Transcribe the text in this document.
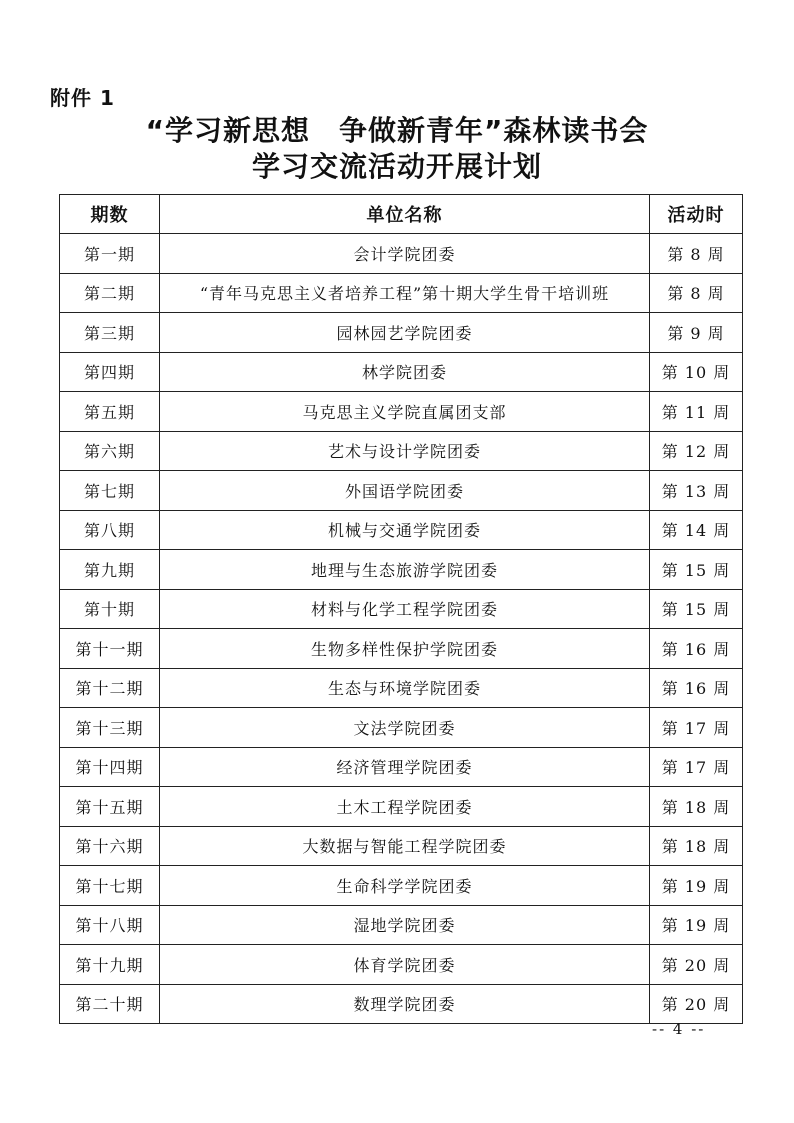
附件 1
“学习新思想　争做新青年”森林读书会
学习交流活动开展计划
期数	单位名称	活动时
第一期	会计学院团委	第 8 周
第二期	“青年马克思主义者培养工程”第十期大学生骨干培训班	第 8 周
第三期	园林园艺学院团委	第 9 周
第四期	林学院团委	第 10 周
第五期	马克思主义学院直属团支部	第 11 周
第六期	艺术与设计学院团委	第 12 周
第七期	外国语学院团委	第 13 周
第八期	机械与交通学院团委	第 14 周
第九期	地理与生态旅游学院团委	第 15 周
第十期	材料与化学工程学院团委	第 15 周
第十一期	生物多样性保护学院团委	第 16 周
第十二期	生态与环境学院团委	第 16 周
第十三期	文法学院团委	第 17 周
第十四期	经济管理学院团委	第 17 周
第十五期	土木工程学院团委	第 18 周
第十六期	大数据与智能工程学院团委	第 18 周
第十七期	生命科学学院团委	第 19 周
第十八期	湿地学院团委	第 19 周
第十九期	体育学院团委	第 20 周
第二十期	数理学院团委	第 20 周
-- 4 --
